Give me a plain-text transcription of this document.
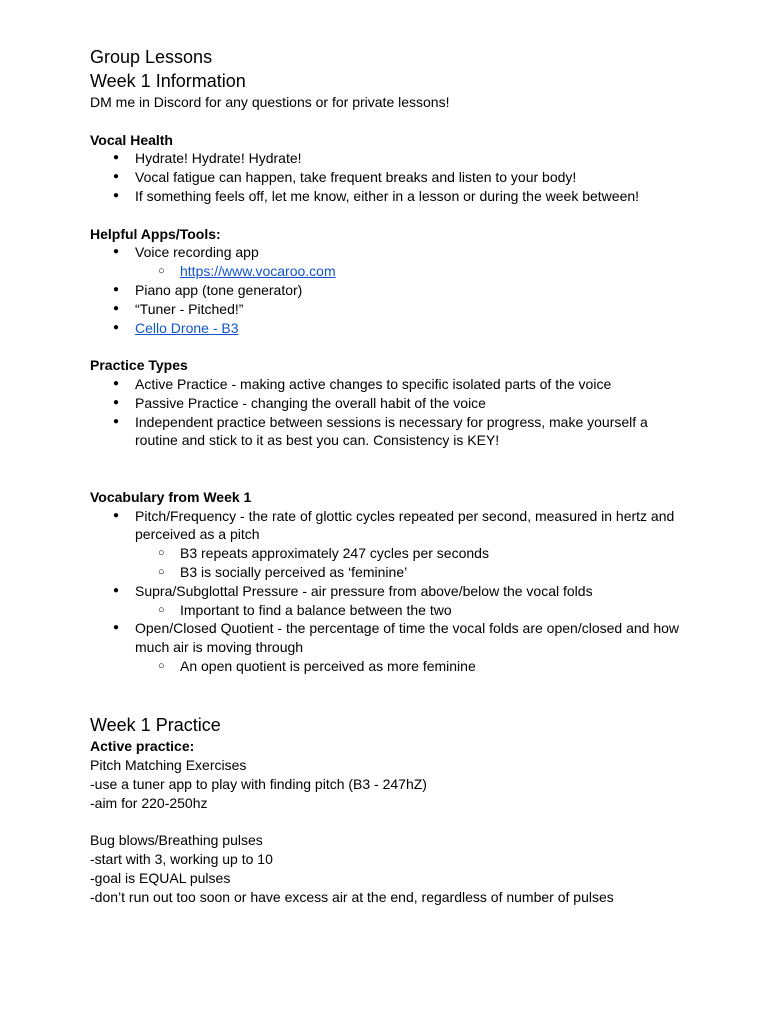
Group Lessons
Week 1 Information

DM me in Discord for any questions or for private lessons!

Vocal Health

● Hydrate! Hydrate! Hydrate!
● Vocal fatigue can happen, take frequent breaks and listen to your body!
● If something feels off, let me know, either in a lesson or during the week between!

Helpful Apps/Tools:

● Voice recording app
○ https://www.vocaroo.com
● Piano app (tone generator)
● “Tuner - Pitched!”
● Cello Drone - B3

Practice Types

● Active Practice - making active changes to specific isolated parts of the voice
● Passive Practice - changing the overall habit of the voice
● Independent practice between sessions is necessary for progress, make yourself a routine and stick to it as best you can. Consistency is KEY!

Vocabulary from Week 1

● Pitch/Frequency - the rate of glottic cycles repeated per second, measured in hertz and perceived as a pitch
○ B3 repeats approximately 247 cycles per seconds
○ B3 is socially perceived as ‘feminine’
● Supra/Subglottal Pressure - air pressure from above/below the vocal folds
○ Important to find a balance between the two
● Open/Closed Quotient - the percentage of time the vocal folds are open/closed and how much air is moving through
○ An open quotient is perceived as more feminine
Week 1 Practice

Active practice:

Pitch Matching Exercises

-use a tuner app to play with finding pitch (B3 - 247hZ)

-aim for 220-250hz

Bug blows/Breathing pulses

-start with 3, working up to 10

-goal is EQUAL pulses

-don’t run out too soon or have excess air at the end, regardless of number of pulses
